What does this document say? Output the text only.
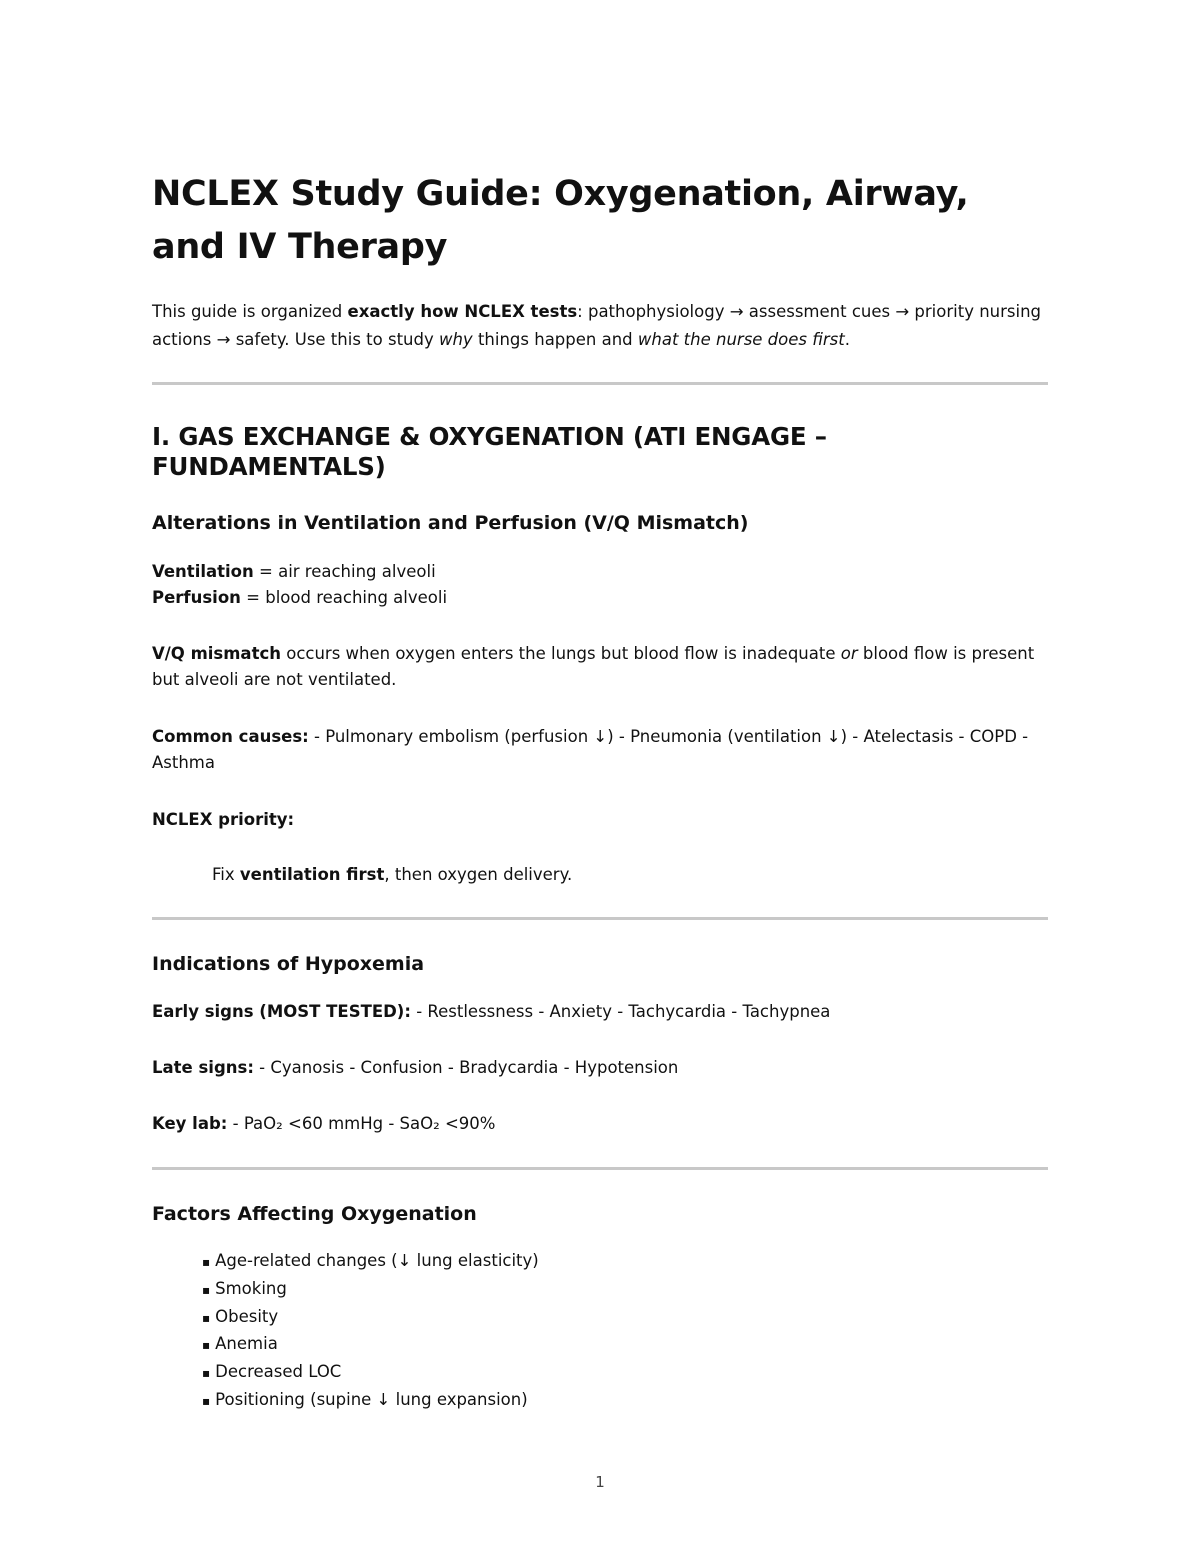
NCLEX Study Guide: Oxygenation, Airway, and IV Therapy
This guide is organized exactly how NCLEX tests: pathophysiology → assessment cues → priority nursing actions → safety. Use this to study why things happen and what the nurse does first.
I. GAS EXCHANGE & OXYGENATION (ATI ENGAGE – FUNDAMENTALS)
Alterations in Ventilation and Perfusion (V/Q Mismatch)
Ventilation = air reaching alveoli
Perfusion = blood reaching alveoli
V/Q mismatch occurs when oxygen enters the lungs but blood flow is inadequate or blood flow is present but alveoli are not ventilated.
Common causes: - Pulmonary embolism (perfusion ↓) - Pneumonia (ventilation ↓) - Atelectasis - COPD - Asthma
NCLEX priority:
Fix ventilation first, then oxygen delivery.
Indications of Hypoxemia
Early signs (MOST TESTED): - Restlessness - Anxiety - Tachycardia - Tachypnea
Late signs: - Cyanosis - Confusion - Bradycardia - Hypotension
Key lab: - PaO₂ <60 mmHg - SaO₂ <90%
Factors Affecting Oxygenation
▪ Age-related changes (↓ lung elasticity)
▪ Smoking
▪ Obesity
▪ Anemia
▪ Decreased LOC
▪ Positioning (supine ↓ lung expansion)
1
